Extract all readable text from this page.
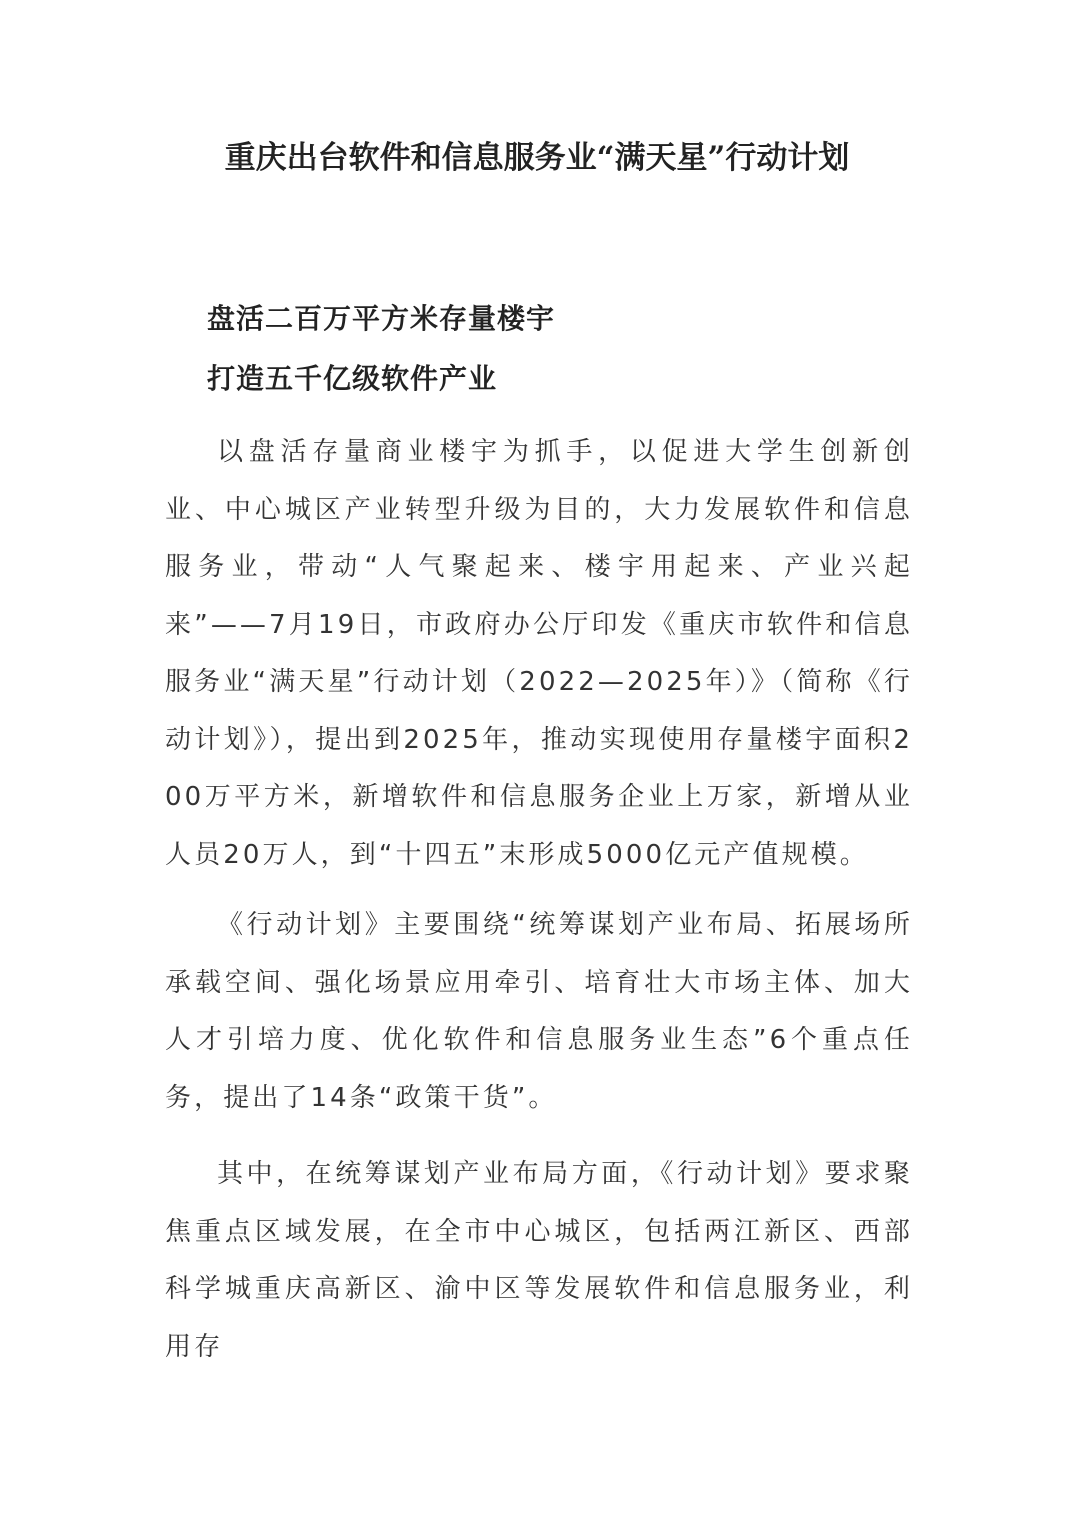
重庆出台软件和信息服务业“满天星”行动计划
盘活二百万平方米存量楼宇
打造五千亿级软件产业

以盘活存量商业楼宇为抓手，以促进大学生创新创业、中心城区产业转型升级为目的，大力发展软件和信息服务业，带动“人气聚起来、楼宇用起来、产业兴起来”——7月19日，市政府办公厅印发《重庆市软件和信息服务业“满天星”行动计划（2022—2025年）》（简称《行动计划》），提出到2025年，推动实现使用存量楼宇面积200万平方米，新增软件和信息服务企业上万家，新增从业人员20万人，到“十四五”末形成5000亿元产值规模。

《行动计划》主要围绕“统筹谋划产业布局、拓展场所承载空间、强化场景应用牵引、培育壮大市场主体、加大人才引培力度、优化软件和信息服务业生态”6个重点任务，提出了14条“政策干货”。

其中，在统筹谋划产业布局方面，《行动计划》要求聚焦重点区域发展，在全市中心城区，包括两江新区、西部科学城重庆高新区、渝中区等发展软件和信息服务业，利用存
